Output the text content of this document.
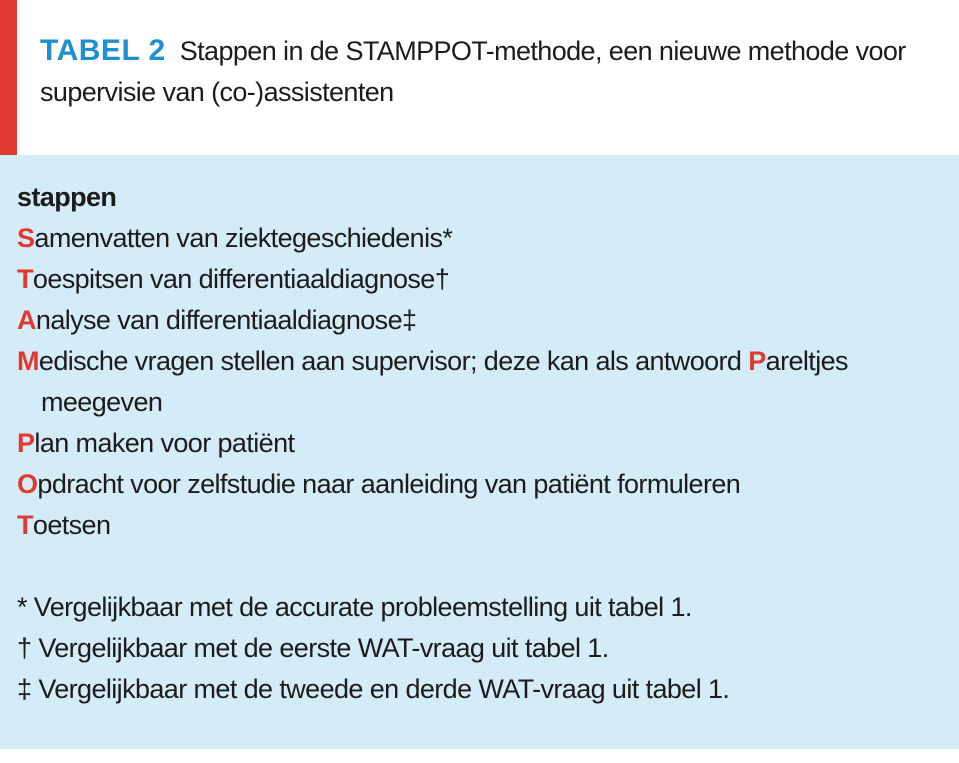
TABEL 2 Stappen in de STAMPPOT-methode, een nieuwe methode voor supervisie van (co-)assistenten
stappen
Samenvatten van ziektegeschiedenis*
Toespitsen van differentiaaldiagnose†
Analyse van differentiaaldiagnose‡
Medische vragen stellen aan supervisor; deze kan als antwoord Pareltjes meegeven
Plan maken voor patiënt
Opdracht voor zelfstudie naar aanleiding van patiënt formuleren
Toetsen
* Vergelijkbaar met de accurate probleemstelling uit tabel 1.
† Vergelijkbaar met de eerste WAT-vraag uit tabel 1.
‡ Vergelijkbaar met de tweede en derde WAT-vraag uit tabel 1.
